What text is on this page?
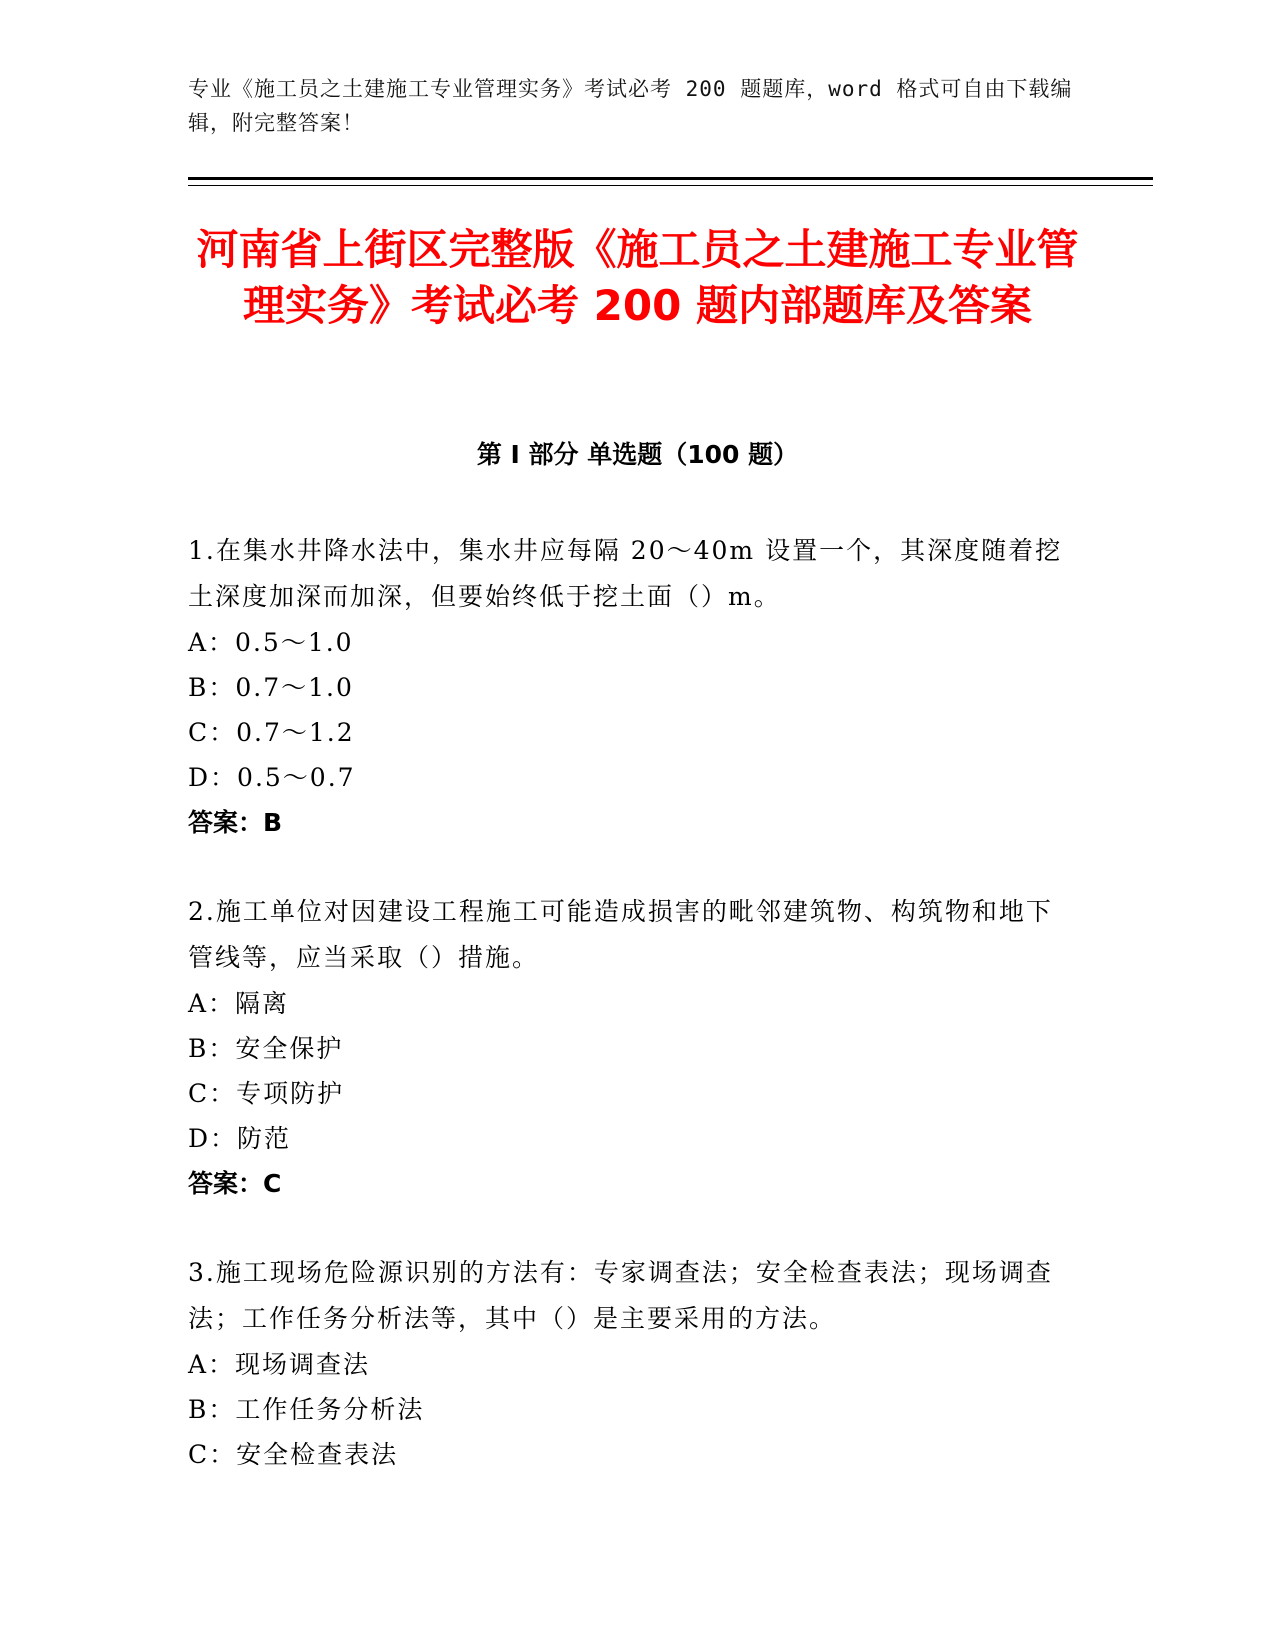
专业《施工员之土建施工专业管理实务》考试必考 200 题题库，word 格式可自由下载编辑，附完整答案！
河南省上街区完整版《施工员之土建施工专业管理实务》考试必考 200 题内部题库及答案
第 I 部分 单选题（100 题）

1.在集水井降水法中，集水井应每隔 20～40m 设置一个，其深度随着挖土深度加深而加深，但要始终低于挖土面（）m。

A：0.5～1.0

B：0.7～1.0

C：0.7～1.2

D：0.5～0.7

答案：B

2.施工单位对因建设工程施工可能造成损害的毗邻建筑物、构筑物和地下管线等，应当采取（）措施。

A：隔离

B：安全保护

C：专项防护

D：防范

答案：C

3.施工现场危险源识别的方法有：专家调查法；安全检查表法；现场调查法；工作任务分析法等，其中（）是主要采用的方法。

A：现场调查法

B：工作任务分析法

C：安全检查表法
